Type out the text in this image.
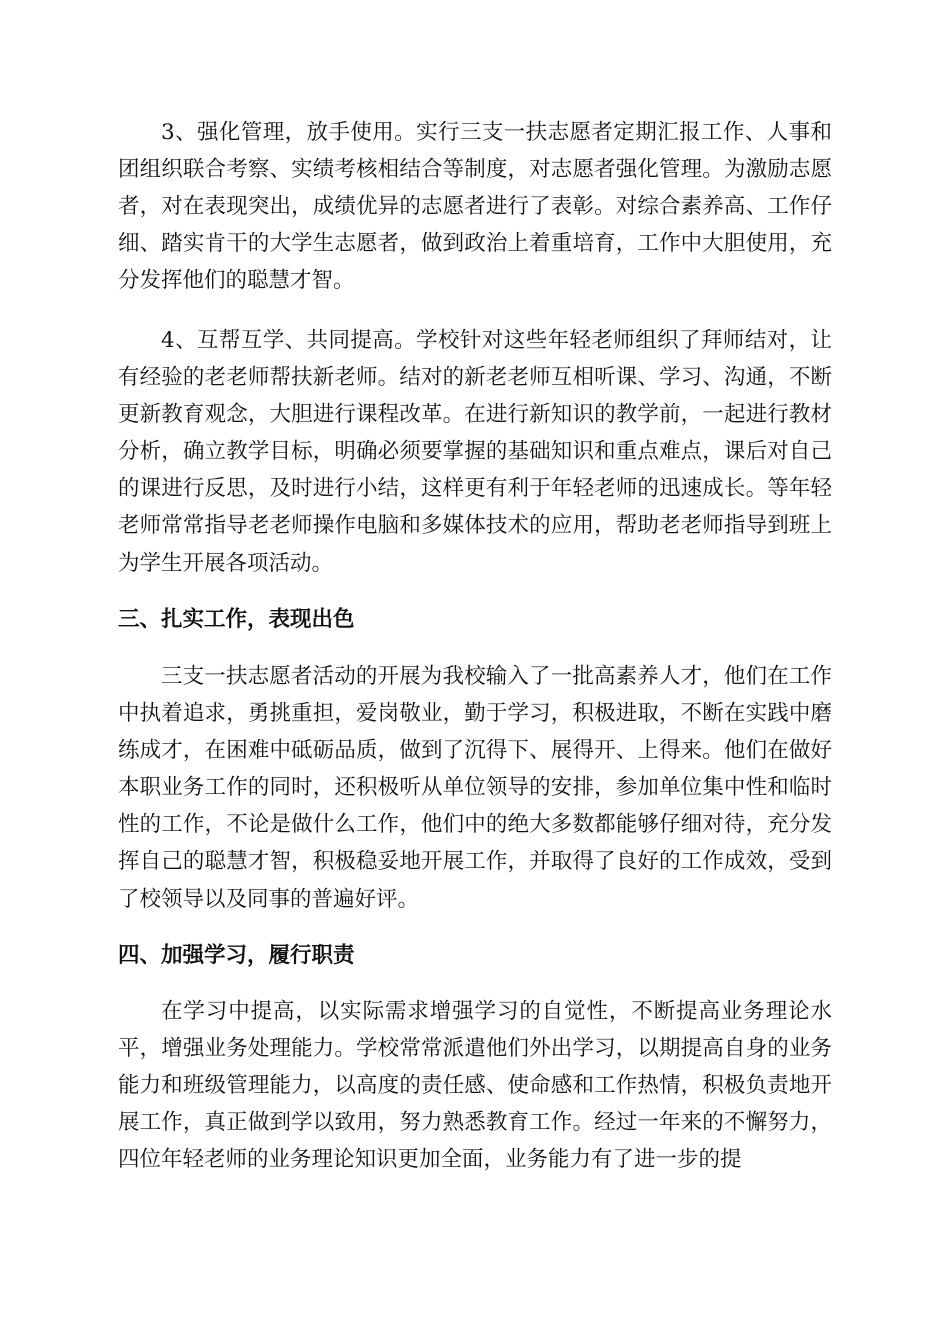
3、强化管理，放手使用。实行三支一扶志愿者定期汇报工作、人事和团组织联合考察、实绩考核相结合等制度，对志愿者强化管理。为激励志愿者，对在表现突出，成绩优异的志愿者进行了表彰。对综合素养高、工作仔细、踏实肯干的大学生志愿者，做到政治上着重培育，工作中大胆使用，充分发挥他们的聪慧才智。

4、互帮互学、共同提高。学校针对这些年轻老师组织了拜师结对，让有经验的老老师帮扶新老师。结对的新老老师互相听课、学习、沟通，不断更新教育观念，大胆进行课程改革。在进行新知识的教学前，一起进行教材分析，确立教学目标，明确必须要掌握的基础知识和重点难点，课后对自己的课进行反思，及时进行小结，这样更有利于年轻老师的迅速成长。等年轻老师常常指导老老师操作电脑和多媒体技术的应用，帮助老老师指导到班上为学生开展各项活动。

三、扎实工作，表现出色

三支一扶志愿者活动的开展为我校输入了一批高素养人才，他们在工作中执着追求，勇挑重担，爱岗敬业，勤于学习，积极进取，不断在实践中磨练成才，在困难中砥砺品质，做到了沉得下、展得开、上得来。他们在做好本职业务工作的同时，还积极听从单位领导的安排，参加单位集中性和临时性的工作，不论是做什么工作，他们中的绝大多数都能够仔细对待，充分发挥自己的聪慧才智，积极稳妥地开展工作，并取得了良好的工作成效，受到了校领导以及同事的普遍好评。

四、加强学习，履行职责

在学习中提高，以实际需求增强学习的自觉性，不断提高业务理论水平，增强业务处理能力。学校常常派遣他们外出学习，以期提高自身的业务能力和班级管理能力，以高度的责任感、使命感和工作热情，积极负责地开展工作，真正做到学以致用，努力熟悉教育工作。经过一年来的不懈努力，四位年轻老师的业务理论知识更加全面，业务能力有了进一步的提
